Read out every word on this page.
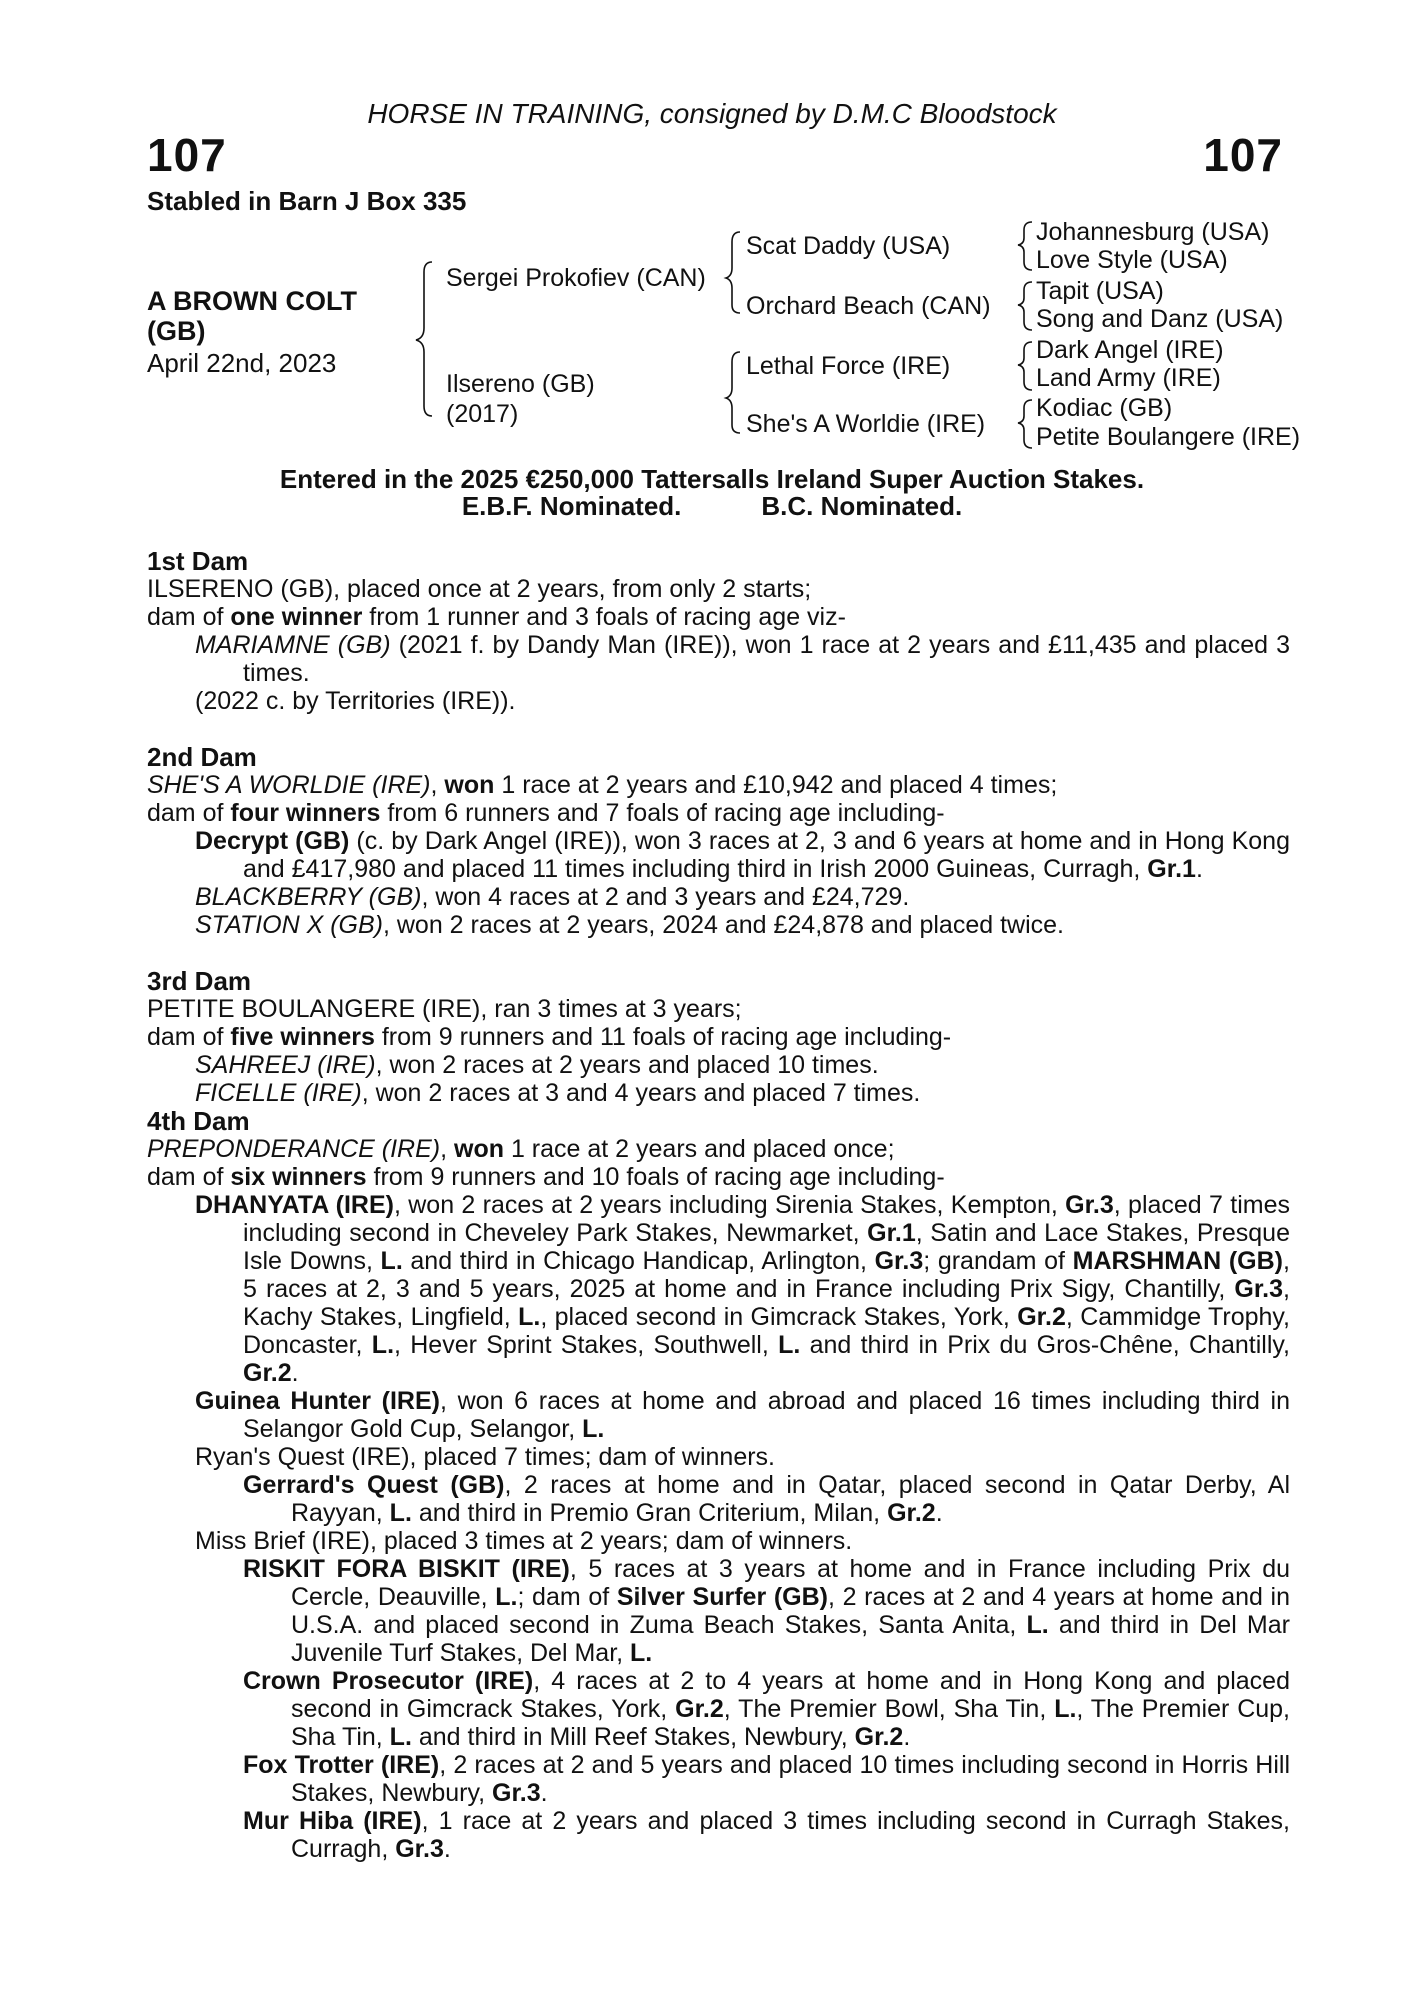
HORSE IN TRAINING, consigned by D.M.C Bloodstock
107	107
Stabled in Barn J Box 335
A BROWN COLT (GB)
April 22nd, 2023
Sergei Prokofiev (CAN)
Ilsereno (GB)
(2017)
Scat Daddy (USA)
Orchard Beach (CAN)
Lethal Force (IRE)
She's A Worldie (IRE)
Johannesburg (USA)
Love Style (USA)
Tapit (USA)
Song and Danz (USA)
Dark Angel (IRE)
Land Army (IRE)
Kodiac (GB)
Petite Boulangere (IRE)
Entered in the 2025 €250,000 Tattersalls Ireland Super Auction Stakes.
E.B.F. Nominated.	B.C. Nominated.
1st Dam

ILSERENO (GB), placed once at 2 years, from only 2 starts;

dam of one winner from 1 runner and 3 foals of racing age viz-

MARIAMNE (GB) (2021 f. by Dandy Man (IRE)), won 1 race at 2 years and £11,435 and placed 3 times.

(2022 c. by Territories (IRE)).

2nd Dam

SHE'S A WORLDIE (IRE), won 1 race at 2 years and £10,942 and placed 4 times;

dam of four winners from 6 runners and 7 foals of racing age including-

Decrypt (GB) (c. by Dark Angel (IRE)), won 3 races at 2, 3 and 6 years at home and in Hong Kong and £417,980 and placed 11 times including third in Irish 2000 Guineas, Curragh, Gr.1.

BLACKBERRY (GB), won 4 races at 2 and 3 years and £24,729.

STATION X (GB), won 2 races at 2 years, 2024 and £24,878 and placed twice.

3rd Dam

PETITE BOULANGERE (IRE), ran 3 times at 3 years;

dam of five winners from 9 runners and 11 foals of racing age including-

SAHREEJ (IRE), won 2 races at 2 years and placed 10 times.

FICELLE (IRE), won 2 races at 3 and 4 years and placed 7 times.

4th Dam

PREPONDERANCE (IRE), won 1 race at 2 years and placed once;

dam of six winners from 9 runners and 10 foals of racing age including-

DHANYATA (IRE), won 2 races at 2 years including Sirenia Stakes, Kempton, Gr.3, placed 7 times including second in Cheveley Park Stakes, Newmarket, Gr.1, Satin and Lace Stakes, Presque Isle Downs, L. and third in Chicago Handicap, Arlington, Gr.3; grandam of MARSHMAN (GB), 5 races at 2, 3 and 5 years, 2025 at home and in France including Prix Sigy, Chantilly, Gr.3, Kachy Stakes, Lingfield, L., placed second in Gimcrack Stakes, York, Gr.2, Cammidge Trophy, Doncaster, L., Hever Sprint Stakes, Southwell, L. and third in Prix du Gros-Chêne, Chantilly, Gr.2.

Guinea Hunter (IRE), won 6 races at home and abroad and placed 16 times including third in Selangor Gold Cup, Selangor, L.

Ryan's Quest (IRE), placed 7 times; dam of winners.

Gerrard's Quest (GB), 2 races at home and in Qatar, placed second in Qatar Derby, Al Rayyan, L. and third in Premio Gran Criterium, Milan, Gr.2.

Miss Brief (IRE), placed 3 times at 2 years; dam of winners.

RISKIT FORA BISKIT (IRE), 5 races at 3 years at home and in France including Prix du Cercle, Deauville, L.; dam of Silver Surfer (GB), 2 races at 2 and 4 years at home and in U.S.A. and placed second in Zuma Beach Stakes, Santa Anita, L. and third in Del Mar Juvenile Turf Stakes, Del Mar, L.

Crown Prosecutor (IRE), 4 races at 2 to 4 years at home and in Hong Kong and placed second in Gimcrack Stakes, York, Gr.2, The Premier Bowl, Sha Tin, L., The Premier Cup, Sha Tin, L. and third in Mill Reef Stakes, Newbury, Gr.2.

Fox Trotter (IRE), 2 races at 2 and 5 years and placed 10 times including second in Horris Hill Stakes, Newbury, Gr.3.

Mur Hiba (IRE), 1 race at 2 years and placed 3 times including second in Curragh Stakes, Curragh, Gr.3.
